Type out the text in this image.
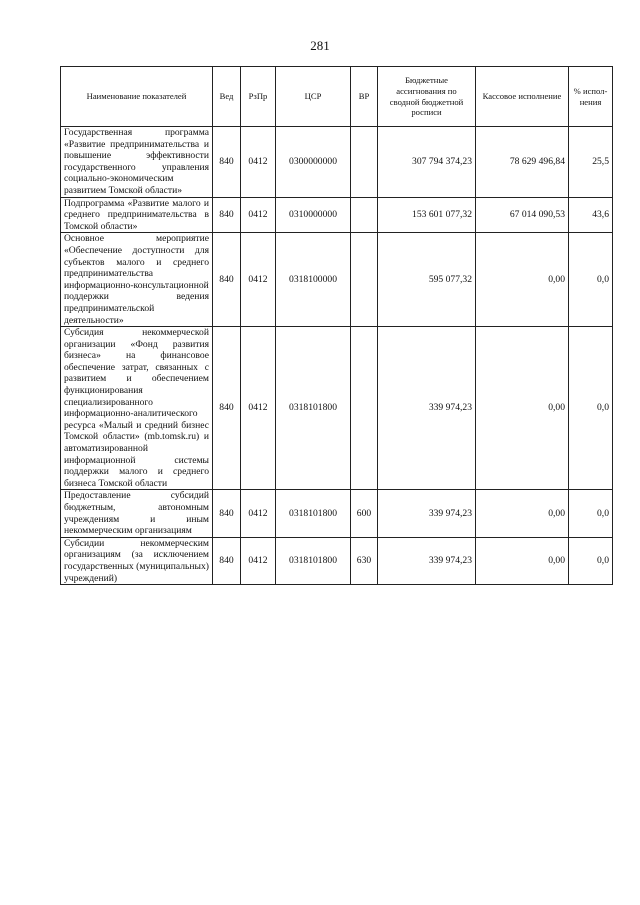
281
Наименование показателей	Вед	РзПр	ЦСР	ВР	Бюджетные ассигнования по сводной бюджетной росписи	Кассовое исполнение	% испол-нения
Государственная программа «Развитие предпринимательства и повышение эффективности государственного управления социально-экономическим развитием Томской области»	840	0412	0300000000		307 794 374,23	78 629 496,84	25,5
Подпрограмма «Развитие малого и среднего предпринимательства в Томской области»	840	0412	0310000000		153 601 077,32	67 014 090,53	43,6
Основное мероприятие «Обеспечение доступности для субъектов малого и среднего предпринимательства информационно-консультационной поддержки ведения предпринимательской деятельности»	840	0412	0318100000		595 077,32	0,00	0,0
Субсидия некоммерческой организации «Фонд развития бизнеса» на финансовое обеспечение затрат, связанных с развитием и обеспечением функционирования специализированного информационно-аналитического ресурса «Малый и средний бизнес Томской области» (mb.tomsk.ru) и автоматизированной информационной системы поддержки малого и среднего бизнеса Томской области	840	0412	0318101800		339 974,23	0,00	0,0
Предоставление субсидий бюджетным, автономным учреждениям и иным некоммерческим организациям	840	0412	0318101800	600	339 974,23	0,00	0,0
Субсидии некоммерческим организациям (за исключением государственных (муниципальных) учреждений)	840	0412	0318101800	630	339 974,23	0,00	0,0
